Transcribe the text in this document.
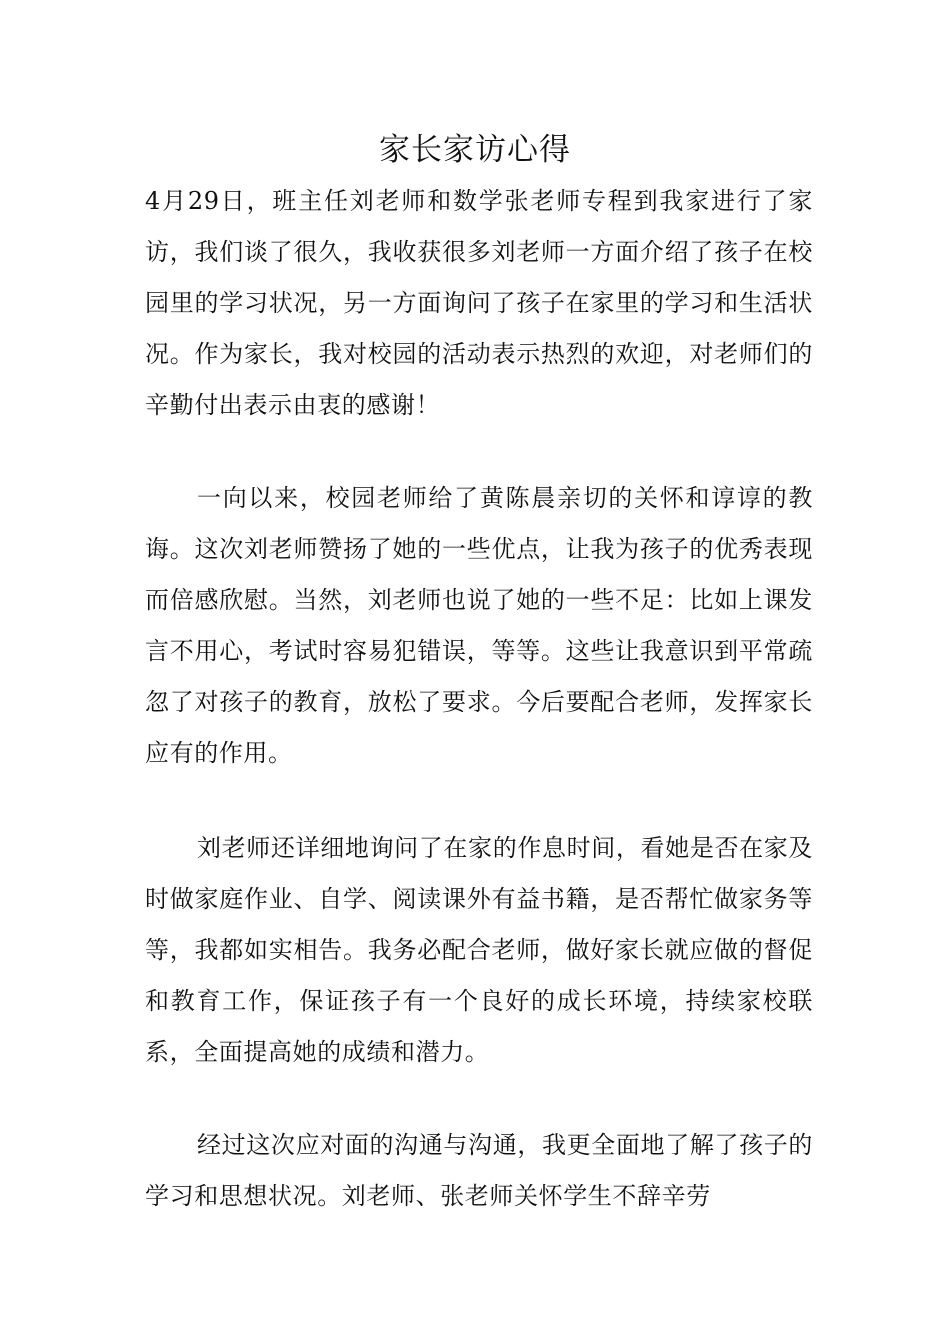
家长家访心得

4月29日，班主任刘老师和数学张老师专程到我家进行了家访，我们谈了很久，我收获很多刘老师一方面介绍了孩子在校园里的学习状况，另一方面询问了孩子在家里的学习和生活状况。作为家长，我对校园的活动表示热烈的欢迎，对老师们的辛勤付出表示由衷的感谢！

一向以来，校园老师给了黄陈晨亲切的关怀和谆谆的教诲。这次刘老师赞扬了她的一些优点，让我为孩子的优秀表现而倍感欣慰。当然，刘老师也说了她的一些不足：比如上课发言不用心，考试时容易犯错误，等等。这些让我意识到平常疏忽了对孩子的教育，放松了要求。今后要配合老师，发挥家长应有的作用。

刘老师还详细地询问了在家的作息时间，看她是否在家及时做家庭作业、自学、阅读课外有益书籍，是否帮忙做家务等等，我都如实相告。我务必配合老师，做好家长就应做的督促和教育工作，保证孩子有一个良好的成长环境，持续家校联系，全面提高她的成绩和潜力。

经过这次应对面的沟通与沟通，我更全面地了解了孩子的学习和思想状况。刘老师、张老师关怀学生不辞辛劳
